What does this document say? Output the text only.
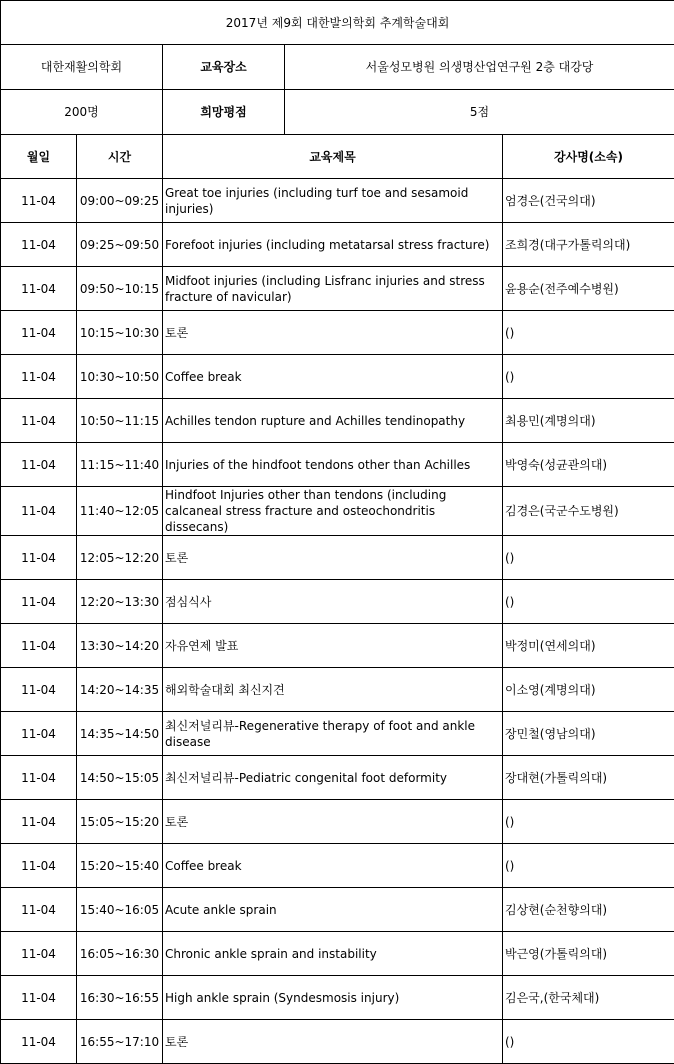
2017년 제9회 대한발의학회 추계학술대회		
대한재활의학회	교육장소	서울성모병원 의생명산업연구원 2층 대강당
200명	희망평점	5점
월일	시간	교육제목	강사명(소속)
11-04	09:00~09:25	Great toe injuries (including turf toe and sesamoid injuries)	엄경은(건국의대)
11-04	09:25~09:50	Forefoot injuries (including metatarsal stress fracture)	조희경(대구가톨릭의대)
11-04	09:50~10:15	Midfoot injuries (including Lisfranc injuries and stress fracture of navicular)	윤용순(전주예수병원)
11-04	10:15~10:30	토론	()
11-04	10:30~10:50	Coffee break	()
11-04	10:50~11:15	Achilles tendon rupture and Achilles tendinopathy	최용민(계명의대)
11-04	11:15~11:40	Injuries of the hindfoot tendons other than Achilles	박영숙(성균관의대)
11-04	11:40~12:05	Hindfoot Injuries other than tendons (including calcaneal stress fracture and osteochondritis dissecans)	김경은(국군수도병원)
11-04	12:05~12:20	토론	()
11-04	12:20~13:30	점심식사	()
11-04	13:30~14:20	자유연제 발표	박정미(연세의대)
11-04	14:20~14:35	해외학술대회 최신지견	이소영(계명의대)
11-04	14:35~14:50	최신저널리뷰-Regenerative therapy of foot and ankle disease	장민철(영남의대)
11-04	14:50~15:05	최신저널리뷰-Pediatric congenital foot deformity	장대현(가톨릭의대)
11-04	15:05~15:20	토론	()
11-04	15:20~15:40	Coffee break	()
11-04	15:40~16:05	Acute ankle sprain	김상현(순천향의대)
11-04	16:05~16:30	Chronic ankle sprain and instability	박근영(가톨릭의대)
11-04	16:30~16:55	High ankle sprain (Syndesmosis injury)	김은국,(한국체대)
11-04	16:55~17:10	토론	()
